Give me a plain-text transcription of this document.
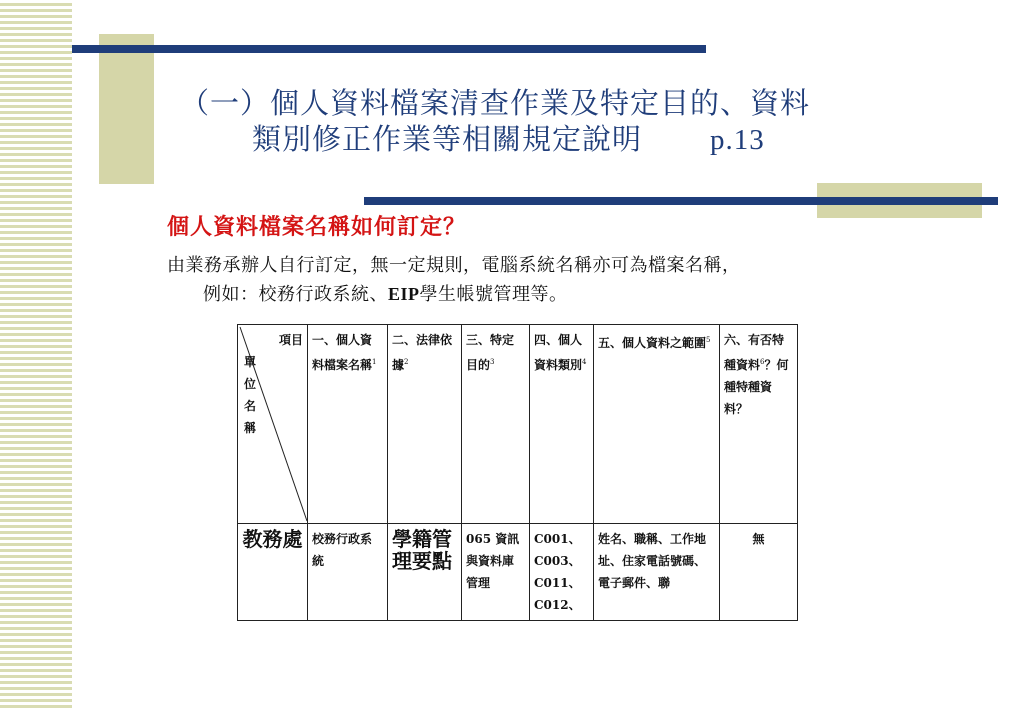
（一）個人資料檔案清查作業及特定目的、資料
類別修正作業等相關規定說明 p.13
個人資料檔案名稱如何訂定？
由業務承辦人自行訂定，無一定規則，電腦系統名稱亦可為檔案名稱，
例如：校務行政系統、EIP學生帳號管理等。
項目
單位名稱	一、個人資料檔案名稱$^1$	二、法律依據$^2$	三、特定目的$^3$	四、個人資料類別$^4$	五、個人資料之範圍$^5$	六、有否特種資料$^6$？何種特種資料？
教務處	校務行政系統	學籍管理要點	065 資訊與資料庫管理	C001、C003、C011、C012、	姓名、職稱、工作地址、住家電話號碼、電子郵件、聯	無
